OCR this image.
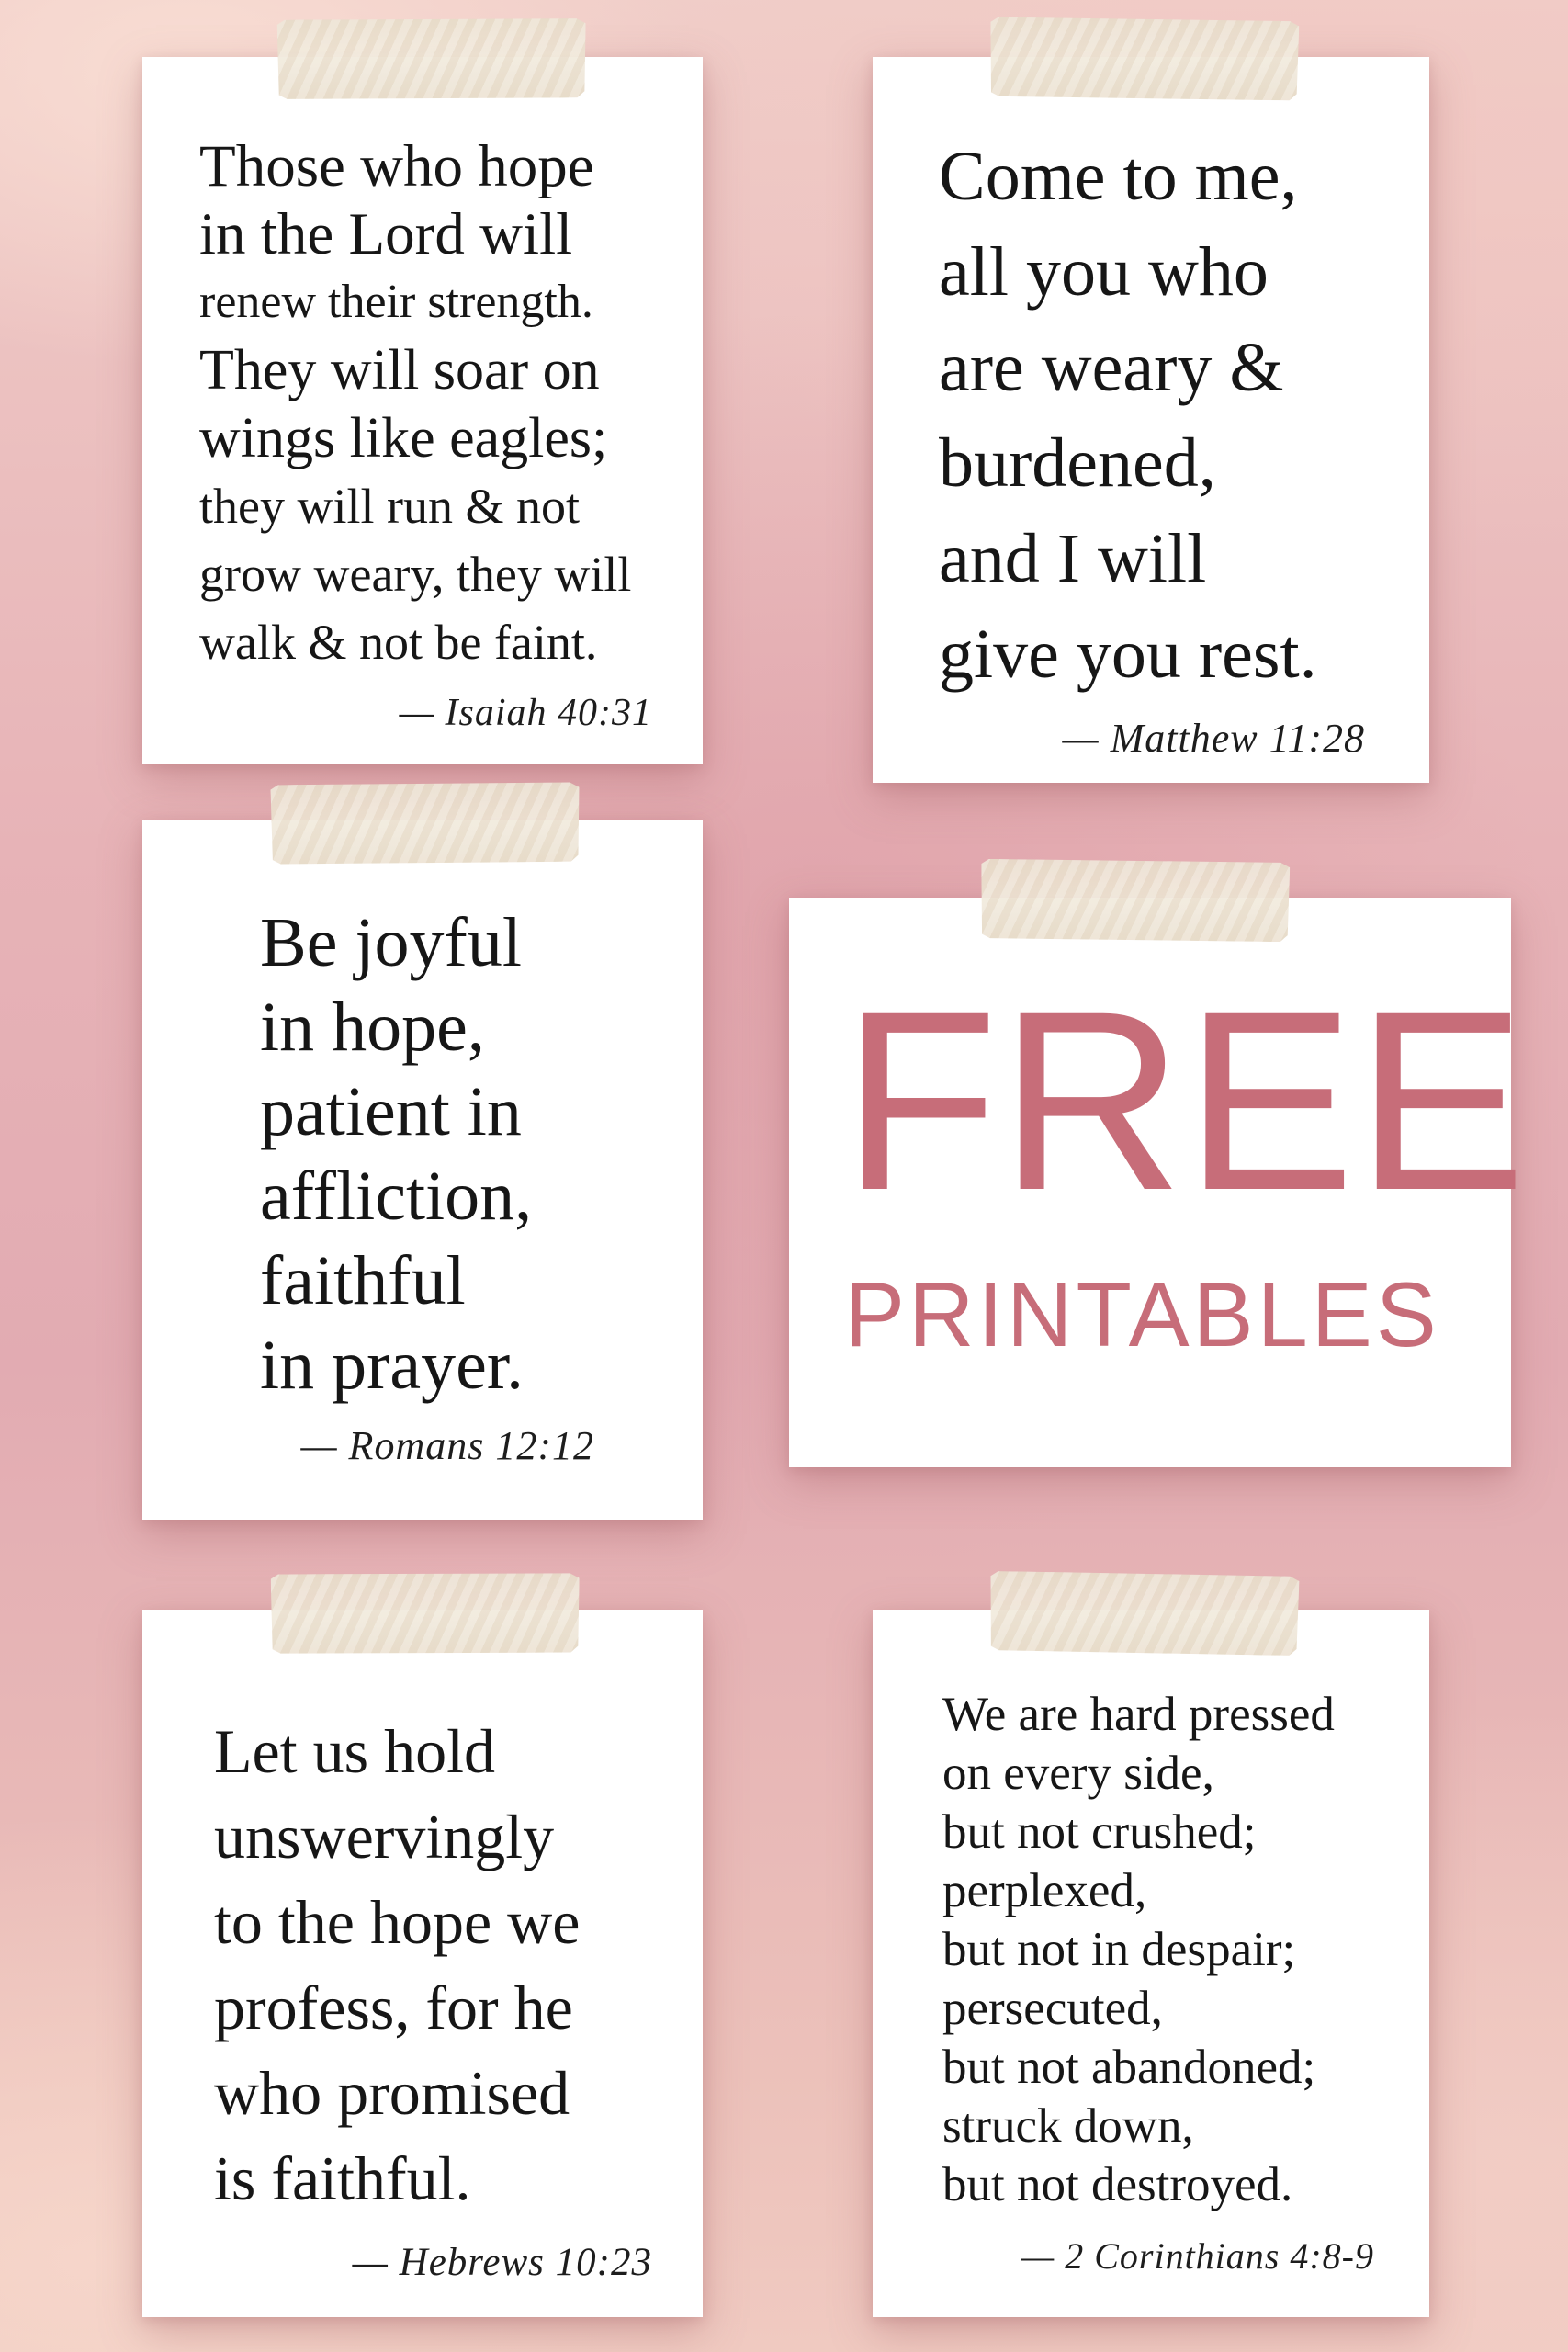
Those who hope
in the Lord will
renew their strength.
They will soar on
wings like eagles;
they will run & not
grow weary, they will
walk & not be faint.
— Isaiah 40:31
Come to me,
all you who
are weary &
burdened,
and I will
give you rest.
— Matthew 11:28
Be joyful
in hope,
patient in
affliction,
faithful
in prayer.
— Romans 12:12
FREE
PRINTABLES
Let us hold
unswervingly
to the hope we
profess, for he
who promised
is faithful.
— Hebrews 10:23
We are hard pressed
on every side,
but not crushed;
perplexed,
but not in despair;
persecuted,
but not abandoned;
struck down,
but not destroyed.
— 2 Corinthians 4:8-9
